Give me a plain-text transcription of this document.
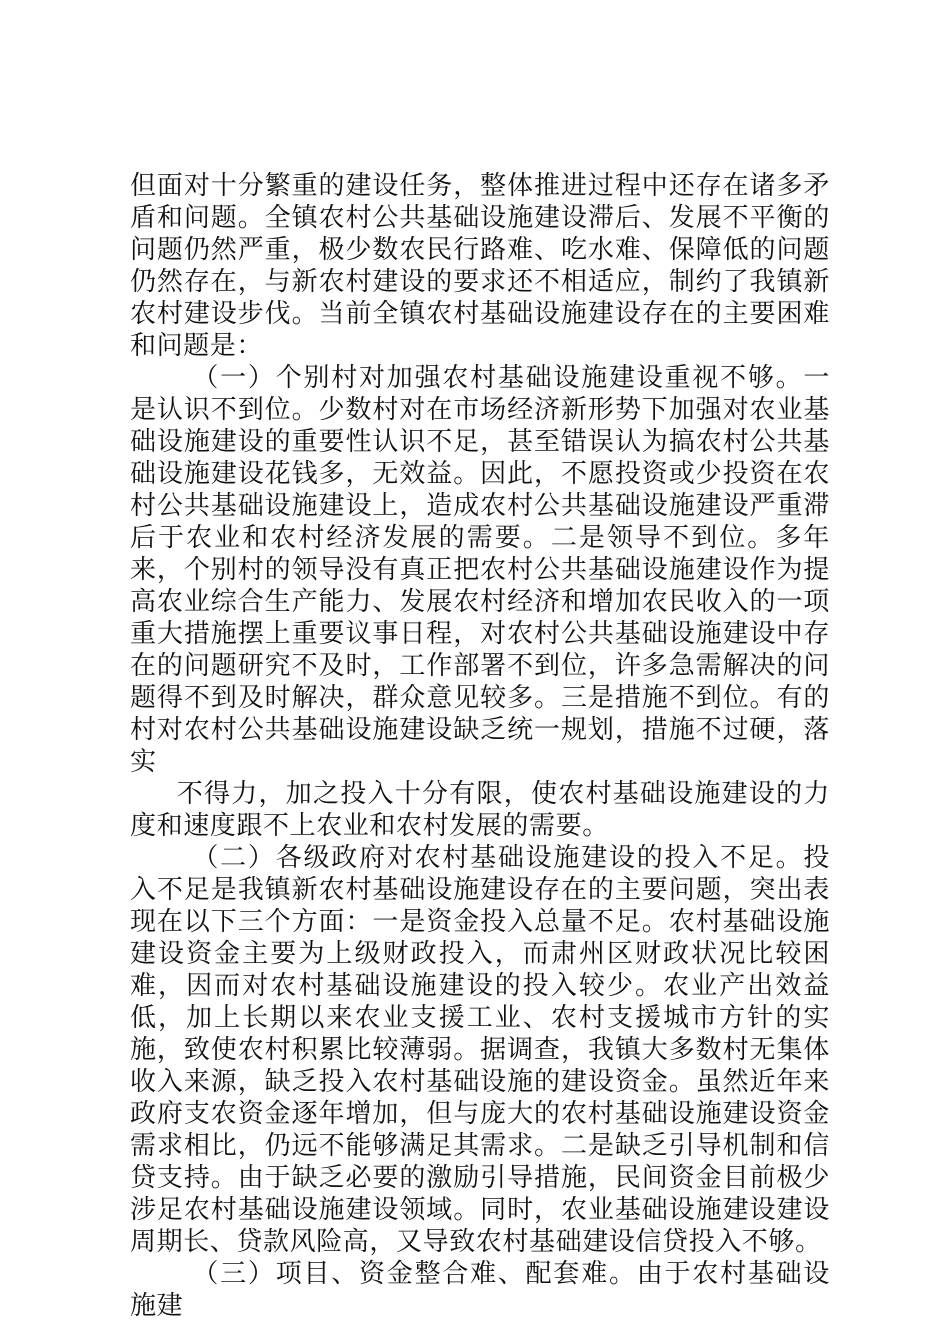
但面对十分繁重的建设任务，整体推进过程中还存在诸多矛盾和问题。全镇农村公共基础设施建设滞后、发展不平衡的问题仍然严重，极少数农民行路难、吃水难、保障低的问题仍然存在，与新农村建设的要求还不相适应，制约了我镇新农村建设步伐。当前全镇农村基础设施建设存在的主要困难和问题是：

（一）个别村对加强农村基础设施建设重视不够。一是认识不到位。少数村对在市场经济新形势下加强对农业基础设施建设的重要性认识不足，甚至错误认为搞农村公共基础设施建设花钱多，无效益。因此，不愿投资或少投资在农村公共基础设施建设上，造成农村公共基础设施建设严重滞后于农业和农村经济发展的需要。二是领导不到位。多年来，个别村的领导没有真正把农村公共基础设施建设作为提高农业综合生产能力、发展农村经济和增加农民收入的一项重大措施摆上重要议事日程，对农村公共基础设施建设中存在的问题研究不及时，工作部署不到位，许多急需解决的问题得不到及时解决，群众意见较多。三是措施不到位。有的村对农村公共基础设施建设缺乏统一规划，措施不过硬，落实

不得力，加之投入十分有限，使农村基础设施建设的力度和速度跟不上农业和农村发展的需要。

（二）各级政府对农村基础设施建设的投入不足。投入不足是我镇新农村基础设施建设存在的主要问题，突出表现在以下三个方面：一是资金投入总量不足。农村基础设施建设资金主要为上级财政投入，而肃州区财政状况比较困难，因而对农村基础设施建设的投入较少。农业产出效益低，加上长期以来农业支援工业、农村支援城市方针的实施，致使农村积累比较薄弱。据调查，我镇大多数村无集体收入来源，缺乏投入农村基础设施的建设资金。虽然近年来政府支农资金逐年增加，但与庞大的农村基础设施建设资金需求相比，仍远不能够满足其需求。二是缺乏引导机制和信贷支持。由于缺乏必要的激励引导措施，民间资金目前极少涉足农村基础设施建设领域。同时，农业基础设施建设建设周期长、贷款风险高，又导致农村基础建设信贷投入不够。

（三）项目、资金整合难、配套难。由于农村基础设施建
